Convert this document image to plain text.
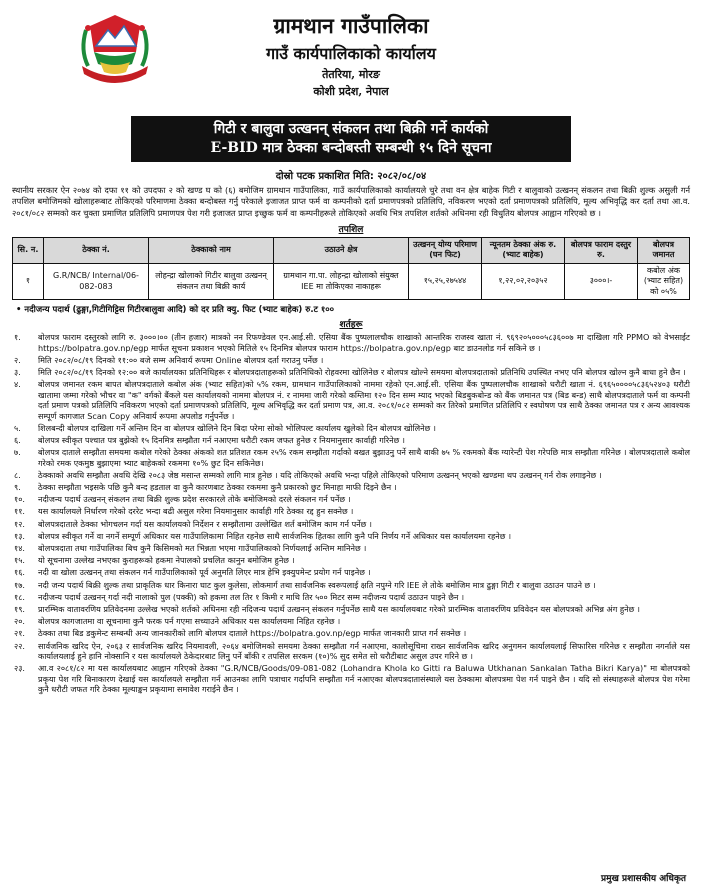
ग्रामथान गाउँपालिका
गाउँ कार्यपालिकाको कार्यालय
तेतरिया, मोरङ
कोशी प्रदेश, नेपाल
गिटी र बालुवा उत्खनन् संकलन तथा बिक्री गर्ने कार्यको
E-BID मात्र ठेक्का बन्दोबस्ती सम्बन्धी १५ दिने सूचना
दोस्रो पटक प्रकाशित मिति: २०८२/०८/०४

स्थानीय सरकार ऐन २०७४ को दफा ११ को उपदफा २ को खण्ड घ को (६) बमोजिम ग्रामथान गाउँपालिका, गाउँ कार्यपालिकाको कार्यालयले चुरे तथा वन क्षेत्र बाहेक गिटी र बालुवाको उत्खनन् संकलन तथा बिक्री शुल्क असुली गर्न तपशिल बमोजिमको खोलाहरूबाट तोकिएको परिमाणमा ठेक्का बन्दोबस्त गर्नु परेकाले इजाजत प्राप्त फर्म वा कम्पनीको दर्ता प्रमाणपत्रको प्रतिलिपि, नविकरण भएको दर्ता प्रमाणपत्रको प्रतिलिपि, मूल्य अभिवृद्धि कर दर्ता तथा आ.व. २०८१/०८२ सम्मको कर चुक्ता प्रमाणित प्रतिलिपि प्रमाणपत्र पेश गरी इजाजत प्राप्त इच्छुक फर्म वा कम्पनीहरूले तोकिएको अवधि भित्र तपशिल शर्तको अधिनमा रही विधुतिय बोलपत्र आह्वान गरिएको छ ।

तपशिल
सि. न.	ठेक्का नं.	ठेक्काको नाम	उठाउने क्षेत्र	उत्खनन् योग्य परिमाण (घन फिट)	न्यूनतम ठेक्का अंक रु. (भ्याट बाहेक)	बोलपत्र फाराम दस्तुर रु.	बोलपत्र जमानत
१	G.R/NCB/ Internal/06-082-083	लोहन्द्रा खोलाको गिटीर बालुवा उत्खनन् संकलन तथा बिक्री कार्य	ग्रामथान गा.पा. लोहन्द्रा खोलाको संयुक्त IEE मा तोकिएका नाकाहरू	१५,२५,२७५४४	१,२२,०२,२०३५२	३०००।-	कबोल अंक (भ्याट सहित) को ०५%
• नदीजन्य पदार्थ (ढुङ्गा,गिटीगिट्टिस गिटीरबालुवा आदि) को दर प्रति क्यु. फिट (भ्याट बाहेक) रु.ट १००
शर्तहरू
१.	बोलपत्र फाराम दस्तुरको लागि रु. ३०००।०० (तीन हजार) मात्रको नन रिफण्डेवल एन.आई.सी. एसिया बैंक पुष्पलालचौक शाखाको आन्तरिक राजस्व खाता नं. ९६९२०५०००५८३६००७ मा दाखिला गरि PPMO को वेभसाईट https://bolpatra.gov.np/egp मार्फत सूचना प्रकाशन भएको मितिले १५ दिनमित्र बोलपत्र फाराम https://bolpatra.gov.np/egp बाट डाउनलोड गर्न सकिने छ ।
२.	मिति २०८२/०८/१९ दिनको ११:०० बजे सम्म अनिवार्य रूपमा Online बोलपत्र दर्ता गराउनु पर्नेछ ।
३.	मिति २०८२/०८/१९ दिनको १२:०० बजे कार्यालयका प्रतिनिधिहरू र बोलपत्रदाताहरूको प्रतिनिधिको रोहवरमा खोलिनेछ र बोलपत्र खोल्ने समयमा बोलपत्रदाताको प्रतिनिधि उपस्थित नभए पनि बोलपत्र खोल्न कुनै बाधा हुने छैन ।
४.	बोलपत्र जमानत रकम बापत बोलपत्रदाताले कबोल अंक (भ्याट सहित)को ५% रकम, ग्रामथान गाउँपालिकाको नाममा रहेको एन.आई.सी. एसिया बैंक पुष्पलालचौक शाखाको धरौटी खाता नं. ६९६५००००५८३६५२४०३ धरौटी खातामा जम्मा गरेको भौचर वा "क" वर्गको बैंकले यस कार्यालयको नाममा बोलपत्र नं. र नाममा जारी गरेको कम्तिमा १२० दिन सम्म म्याद भएको बिडबुकबोन्ड को बैंक जमानत पत्र (बिड बन्ड) साथै बोलपत्रदाताले फर्म वा कम्पनी दर्ता प्रमाण पत्रको प्रतिलिपि नविकरण भएको दर्ता प्रमाणपत्रको प्रतिलिपि, मूल्य अभिवृद्धि कर दर्ता प्रमाण पत्र, आ.व. २०८१/०८२ सम्मको कर तिरेको प्रमाणित प्रतिलिपि र स्वघोषण पत्र साथै ठेक्का जमानत पत्र र अन्य आवश्यक सम्पूर्ण कागजात Scan Copy अनिवार्य रूपमा अपलोड गर्नुपर्नेछ ।
५.	शिलबन्दी बोलपत्र दाखिला गर्ने अन्तिम दिन वा बोलपत्र खोलिने दिन बिदा परेमा सोको भोलिपल्ट कार्यालय खुलेको दिन बोलपत्र खोलिनेछ ।
६.	बोलपत्र स्वीकृत पश्चात पत्र बुझेको १५ दिनमित्र सम्झौता गर्न नआएमा धरौटी रकम जफत हुनेछ र नियमानुसार कार्वाही गरिनेछ ।
७.	बोलपत्र दाताले सम्झौता समयमा कबोल गरेको ठेक्का अंकको शत प्रतिशत रकम २५% रकम सम्झौता गर्दाको बखत बुझाउनु पर्ने साथै बाकी ७५ % रकमको बैंक ग्यारेन्टी पेश गरेपछि मात्र सम्झौता गरिनेछ । बोलपत्रदाताले कबोल गरेको रमक एकमुष्ठ बुझाएमा भ्याट बाहेकको रकममा १०% छुट दिन सकिनेछ।
८.	ठेक्काको अवधि सम्झौता अवधि देखि २०८३ जेष्ठ मसान्त सम्मको लागि मात्र हुनेछ । यदि तोकिएको अवधि भन्दा पहिले तोकिएको परिमाण उत्खनन् भएको खण्डमा थप उत्खनन् गर्न रोक लगाइनेछ ।
९.	ठेक्का सम्झौता भइसके पछि कुनै बन्द हडताल वा कुनै कारणबाट ठेक्का रकममा कुनै प्रकारको छुट मिनाहा माफी दिइने छैन ।
१०.	नदीजन्य पदार्थ उत्खनन् संकलन तथा बिक्री शुल्क प्रदेश सरकारले तोके बमोजिमको दरले संकलन गर्न पर्नेछ ।
११.	यस कार्यालयले निर्धारण गरेको दररेट भन्दा बढी असुल गरेमा नियमानुसार कार्वाही गरि ठेक्का रद्द हुन सक्नेछ ।
१२.	बोलपत्रदाताले ठेक्का भोगचलन गर्दा यस कार्यालयको निर्देशन र सम्झौतामा उल्लेखित शर्त बमोजिम काम गर्न पर्नेछ ।
१३.	बोलपत्र स्वीकृत गर्ने वा नगर्ने सम्पूर्ण अधिकार यस गाउँपालिकामा निहित रहनेछ साथै सार्वजनिक हितका लागि कुनै पनि निर्णय गर्ने अधिकार यस कार्यालयमा रहनेछ ।
१४.	बोलपत्रदाता तथा गाउँपालिका बिच कुनै किसिमको मत भिन्नता भएमा गाउँपालिकाको निर्णयलाई अन्तिम मानिनेछ ।
१५.	यो सूचनामा उल्लेख नभएका कुराहरूको हकमा नेपालको प्रचलित कानुन बमोजिम हुनेछ ।
१६.	नदी वा खोला उत्खनन् तथा संकलन गर्न गाउँपालिकाको पूर्व अनुमति लिएर मात्र हेभि इक्युपमेन्ट प्रयोग गर्न पाइनेछ ।
१७.	नदी जन्य पदार्थ बिक्री शुल्क तथा प्राकृतिक धार किनारा घाट कुल कुलेसा, लोकमार्ग तथा सार्वजनिक स्वरूपलाई क्षति नपुग्ने गरि IEE ले तोके बमोजिम मात्र ढुङ्गा गिटी र बालुवा उठाउन पाउने छ ।
१८.	नदीजन्य पदार्थ उत्खनन् गर्दा नदी नालाको पुल (पक्की) को हकमा तल तिर १ किमी र माथि तिर ५०० मिटर सम्म नदीजन्य पदार्थ उठाउन पाइने छैन ।
१९.	प्रारम्भिक वातावरणिय प्रतिवेदनमा उल्लेख भएको शर्तको अधिनमा रही नदिजन्य पदार्थ उत्खनन् संकलन गर्नुपर्नेछ साथै यस कार्यालयबाट गरेको प्रारम्भिक वातावरणिय प्रविवेदन यस बोलपत्रको अभिन्न अंग हुनेछ ।
२०.	बोलपत्र कागजातमा वा सूचनामा कुनै फरक पर्न गएमा सच्याउने अधिकार यस कार्यालयमा निहित रहनेछ ।
२१.	ठेक्का तथा बिड डकुमेन्ट सम्बन्धी अन्य जानकारीको लागि बोलपत्र दाताले https://bolpatra.gov.np/egp मार्फत जानकारी प्राप्त गर्न सक्नेछ ।
२२.	सार्वजनिक खरिद ऐन, २०६३ र सार्वजनिक खरिद नियमावली, २०६४ बमोजिमको समयमा ठेक्का सम्झौता गर्न नआएमा, कालोसूचिमा राख्न सार्वजनिक खरिद अनुगमन कार्यालयलाई सिफारिस गरिनेछ र सम्झौता नगर्नाले यस कार्यालयलाई हुने हानि नोक्सानि र यस कार्यालयले ठेकेदारबाट लिनु पर्ने बाँकी र तपसिल सरकम (१०)% सुद समेत सो धरौटीबाट असुल उपर गरिने छ ।
२३.	आ.व २०८१/८२ मा यस कार्यालयबाट आह्वान गरिएको ठेक्का "G.R/NCB/Goods/09-081-082 (Lohandra Khola ko Gitti ra Baluwa Utkhanan Sankalan Tatha Bikri Karya)" मा बोलपत्रको प्रकृया पेश गरि बिनाकारण देखाई यस कार्यालयले सम्झौता गर्न आउनका लागि पत्राचार गर्दापनि सम्झौता गर्न नआएका बोलपत्रदातासंस्थाले यस ठेक्कामा बोलपत्रमा पेश गर्न पाइने छैन । यदि सो संस्थाहरूले बोलपत्र पेश गरेमा कुनै धरौटी जफत गरि ठेक्का मूल्याङ्कन प्रकृयामा समावेश गराईने छैन ।
प्रमुख प्रशासकीय अधिकृत
